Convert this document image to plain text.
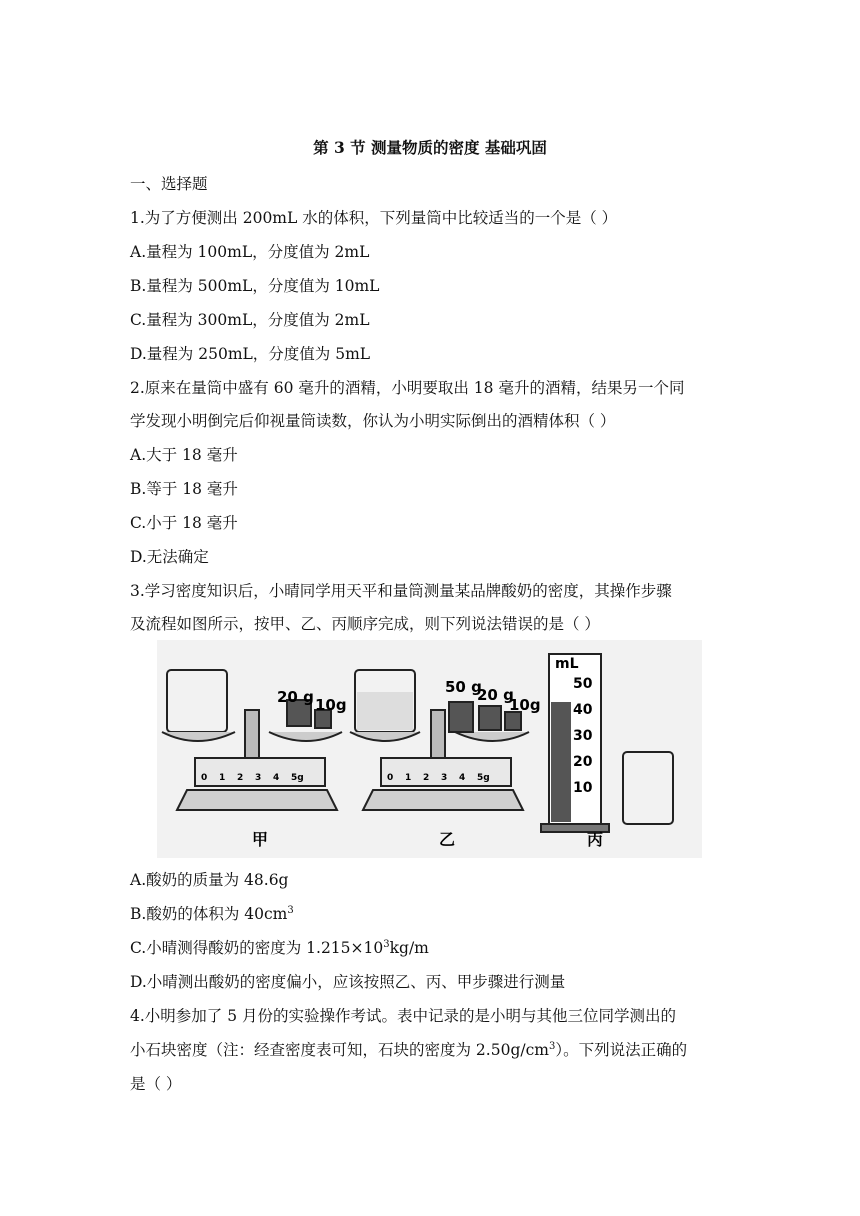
第 3 节 测量物质的密度 基础巩固
一、选择题
1.为了方便测出 200mL 水的体积，下列量筒中比较适当的一个是（ ）
A.量程为 100mL，分度值为 2mL
B.量程为 500mL，分度值为 10mL
C.量程为 300mL，分度值为 2mL
D.量程为 250mL，分度值为 5mL
2.原来在量筒中盛有 60 毫升的酒精，小明要取出 18 毫升的酒精，结果另一个同
学发现小明倒完后仰视量筒读数，你认为小明实际倒出的酒精体积（ ）
A.大于 18 毫升
B.等于 18 毫升
C.小于 18 毫升
D.无法确定
3.学习密度知识后，小晴同学用天平和量筒测量某品牌酸奶的密度，其操作步骤
及流程如图所示，按甲、乙、丙顺序完成，则下列说法错误的是（ ）
20 g 10g
0 1 2 3 4 5g
甲
50 g
20 g
10g
0 1 2 3 4 5g
乙
mL
50
40
30
20
10
丙
A.酸奶的质量为 48.6g
B.酸奶的体积为 $40cm^3$
C.小晴测得酸奶的密度为 $1.215\times 10^3kg/m$
D.小晴测出酸奶的密度偏小，应该按照乙、丙、甲步骤进行测量
4.小明参加了 5 月份的实验操作考试。表中记录的是小明与其他三位同学测出的
小石块密度（注：经查密度表可知，石块的密度为 $2.50g/cm^3$）。下列说法正确的
是（ ）
